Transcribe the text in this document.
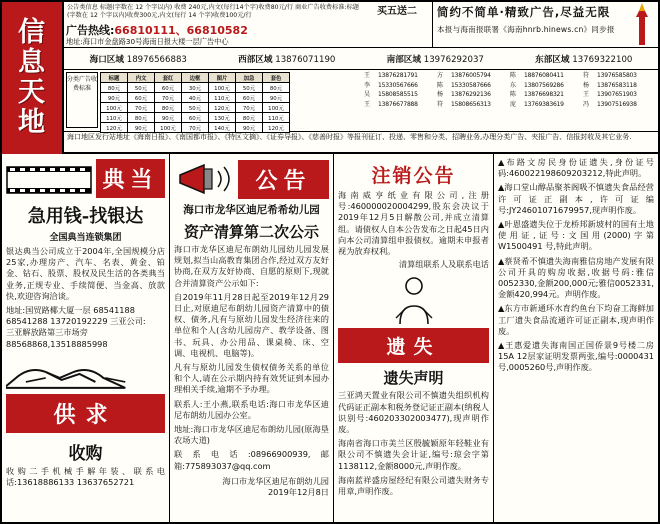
信
息
天
地
公告类信息 标题(字数在 12 个字以内) 收费 240元,内文(每行14个字)收费80元/行 商业广告收费标准:标题(字数在 12 个字以内)收费300元,内文(每行 14 个字)收费100元/行	买五送二
广告热线:66810111、66810582
地址:海口市金盘路30号海南日报大楼一层广告中心
简约不简单·精致广告,尽益无限
本报与海南报联署《海南hnrb.hinews.cn》同步报
海口区域 18976566883	西部区域 13876071190	南部区域 13976292037	东部区域 13769322100
分类广告收费标准
标题	内文	套红	边框	图片	加急	套色
80元	50元	60元	30元	100元	50元	80元
90元	60元	70元	40元	110元	60元	90元
100元	70元	80元	50元	120元	70元	100元
110元	80元	90元	60元	130元	80元	110元
120元	90元	100元	70元	140元	90元	120元
王 13876281791	方 13876005794	陈 18876080411	符 13976585803
李 15330567666	陈 15330587666	东 13807569286	杨 13876583118
吴 15808585515	杨 13876292136	陈 13876698321	王 13907651903
王 13876677888	符 15808656313	庞 13769383619	冯 13907516938
海口地区发行站地址《海南日报》、《南国都市报》、《特区文摘》、《证券导报》、《慈善时报》等报刊征订、投递、零售和分类、招聘业务,办理分类广告、夹报广告、信报封收及其它业务.
典当
急用钱-找银达
全国典当连锁集团
银达典当公司成立于2004年,全国规模分店25家,办理房产、汽车、名表、黄金、铂金、钻石、股票、股权及民生活的各类典当业务,正规专业、手续简便、当金高、放款快,欢迎咨询洽谈。
地址:国贸路椰大厦一层 68541188
68541288 13720192229 三亚公司:
三亚解放路第三市场旁
88568868,13518885998
供求
收购
收购二手机械手解年装、联系电话:13618886133 13637652721
公告
海口市龙华区迪尼希希幼儿园
资产清算第二次公示

海口市龙华区迪尼布朗幼儿园幼儿园发展规划,拟当山高教育集团合作,经过双方友好协商,在双方友好协商、自愿的原则下,现就合并清算资产公示如下:

自2019年11月28日起至2019年12月29日止,对原迪尼布朗幼儿园资产清算中的债权、债务,凡有与原幼儿园发生经济往来的单位和个人(含幼儿园房产、教学设备、图书、玩具、办公用品、课桌椅、床、空调、电视机、电脑等)。

凡有与原幼儿园发生债权债务关系的单位和个人,请在公示期内持有效凭证到本园办理相关手续,逾期不予办理。

联系人:王小燕,联系电话:海口市龙华区迪尼布朗幼儿园办公室。

地址:海口市龙华区迪尼布朗幼儿园(原海垦农场大道)

联系电话:08966900939,邮箱:775893037@qq.com

海口市龙华区迪尼布朗幼儿园
2019年12月8日
注销公告
海南威亨纸业有限公司,注册号:460000020004299,股东会决议于2019年12月5日解散公司,并成立清算组。请债权人自本公告发布之日起45日内向本公司清算组申报债权。逾期未申报者视为放弃权利。
清算组联系人及联系电话
遗失
遗失声明

三亚鸿天置业有限公司不慎遗失组织机构代码证正副本和税务登记证正副本(纳税人识别号:460203302003477),现声明作废。

海南省海口市美兰区殷毓颖原年轻鞋业有限公司不慎遗失会计证,编号:琼会字第 1138112,金额8000元,声明作废。

海南蓝祥盛房屋经纪有限公司遗失财务专用章,声明作废。

▲布路文房民身份证遗失,身份证号码:460022198609203212,特此声明。

▲海口堂山醇品聚茶阁吸不慎遗失食品经营许可证正副本,许可证编号:JY24601071679957,现声明作废。

▲叶恩盛遗失位于龙桥邦新坡村的国有土地使用证,证号:文国用(2000)字第 W1500491 号,特此声明。

▲蔡贤希不慎遗失海南雅信房地产发展有限公司开具的购房收据,收据号码:雅信0052330,金额200,000元;雅信0052331,金额420,994元。声明作废。

▲东方市新通环水育约鱼台下均奋工海鲜加工厂遗失食品流通许可证正副本,现声明作废。

▲王惠爱遗失海南国正国侨景9号楼二房15A 12层家证明发票两张,编号:0000431号,0005260号,声明作废。
